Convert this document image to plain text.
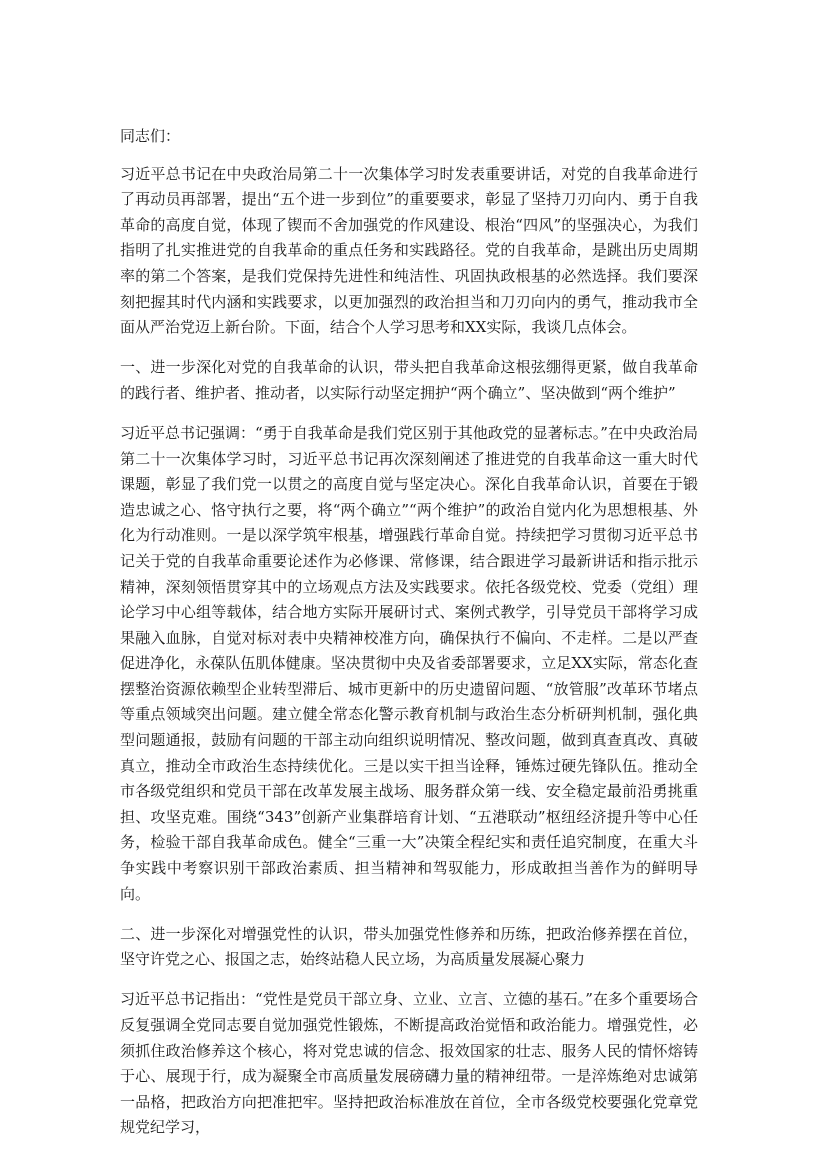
同志们：

习近平总书记在中央政治局第二十一次集体学习时发表重要讲话，对党的自我革命进行了再动员再部署，提出“五个进一步到位”的重要要求，彰显了坚持刀刃向内、勇于自我革命的高度自觉，体现了锲而不舍加强党的作风建设、根治“四风”的坚强决心，为我们指明了扎实推进党的自我革命的重点任务和实践路径。党的自我革命，是跳出历史周期率的第二个答案，是我们党保持先进性和纯洁性、巩固执政根基的必然选择。我们要深刻把握其时代内涵和实践要求，以更加强烈的政治担当和刀刃向内的勇气，推动我市全面从严治党迈上新台阶。下面，结合个人学习思考和XX实际，我谈几点体会。

一、进一步深化对党的自我革命的认识，带头把自我革命这根弦绷得更紧，做自我革命的践行者、维护者、推动者，以实际行动坚定拥护“两个确立”、坚决做到“两个维护”

习近平总书记强调：“勇于自我革命是我们党区别于其他政党的显著标志。”在中央政治局第二十一次集体学习时，习近平总书记再次深刻阐述了推进党的自我革命这一重大时代课题，彰显了我们党一以贯之的高度自觉与坚定决心。深化自我革命认识，首要在于锻造忠诚之心、恪守执行之要，将“两个确立”“两个维护”的政治自觉内化为思想根基、外化为行动准则。一是以深学筑牢根基，增强践行革命自觉。持续把学习贯彻习近平总书记关于党的自我革命重要论述作为必修课、常修课，结合跟进学习最新讲话和指示批示精神，深刻领悟贯穿其中的立场观点方法及实践要求。依托各级党校、党委（党组）理论学习中心组等载体，结合地方实际开展研讨式、案例式教学，引导党员干部将学习成果融入血脉，自觉对标对表中央精神校准方向，确保执行不偏向、不走样。二是以严查促进净化，永葆队伍肌体健康。坚决贯彻中央及省委部署要求，立足XX实际，常态化查摆整治资源依赖型企业转型滞后、城市更新中的历史遗留问题、“放管服”改革环节堵点等重点领域突出问题。建立健全常态化警示教育机制与政治生态分析研判机制，强化典型问题通报，鼓励有问题的干部主动向组织说明情况、整改问题，做到真查真改、真破真立，推动全市政治生态持续优化。三是以实干担当诠释，锤炼过硬先锋队伍。推动全市各级党组织和党员干部在改革发展主战场、服务群众第一线、安全稳定最前沿勇挑重担、攻坚克难。围绕“343”创新产业集群培育计划、“五港联动”枢纽经济提升等中心任务，检验干部自我革命成色。健全“三重一大”决策全程纪实和责任追究制度，在重大斗争实践中考察识别干部政治素质、担当精神和驾驭能力，形成敢担当善作为的鲜明导向。

二、进一步深化对增强党性的认识，带头加强党性修养和历练，把政治修养摆在首位，坚守许党之心、报国之志，始终站稳人民立场，为高质量发展凝心聚力

习近平总书记指出：“党性是党员干部立身、立业、立言、立德的基石。”在多个重要场合反复强调全党同志要自觉加强党性锻炼，不断提高政治觉悟和政治能力。增强党性，必须抓住政治修养这个核心，将对党忠诚的信念、报效国家的壮志、服务人民的情怀熔铸于心、展现于行，成为凝聚全市高质量发展磅礴力量的精神纽带。一是淬炼绝对忠诚第一品格，把政治方向把准把牢。坚持把政治标准放在首位，全市各级党校要强化党章党规党纪学习，
